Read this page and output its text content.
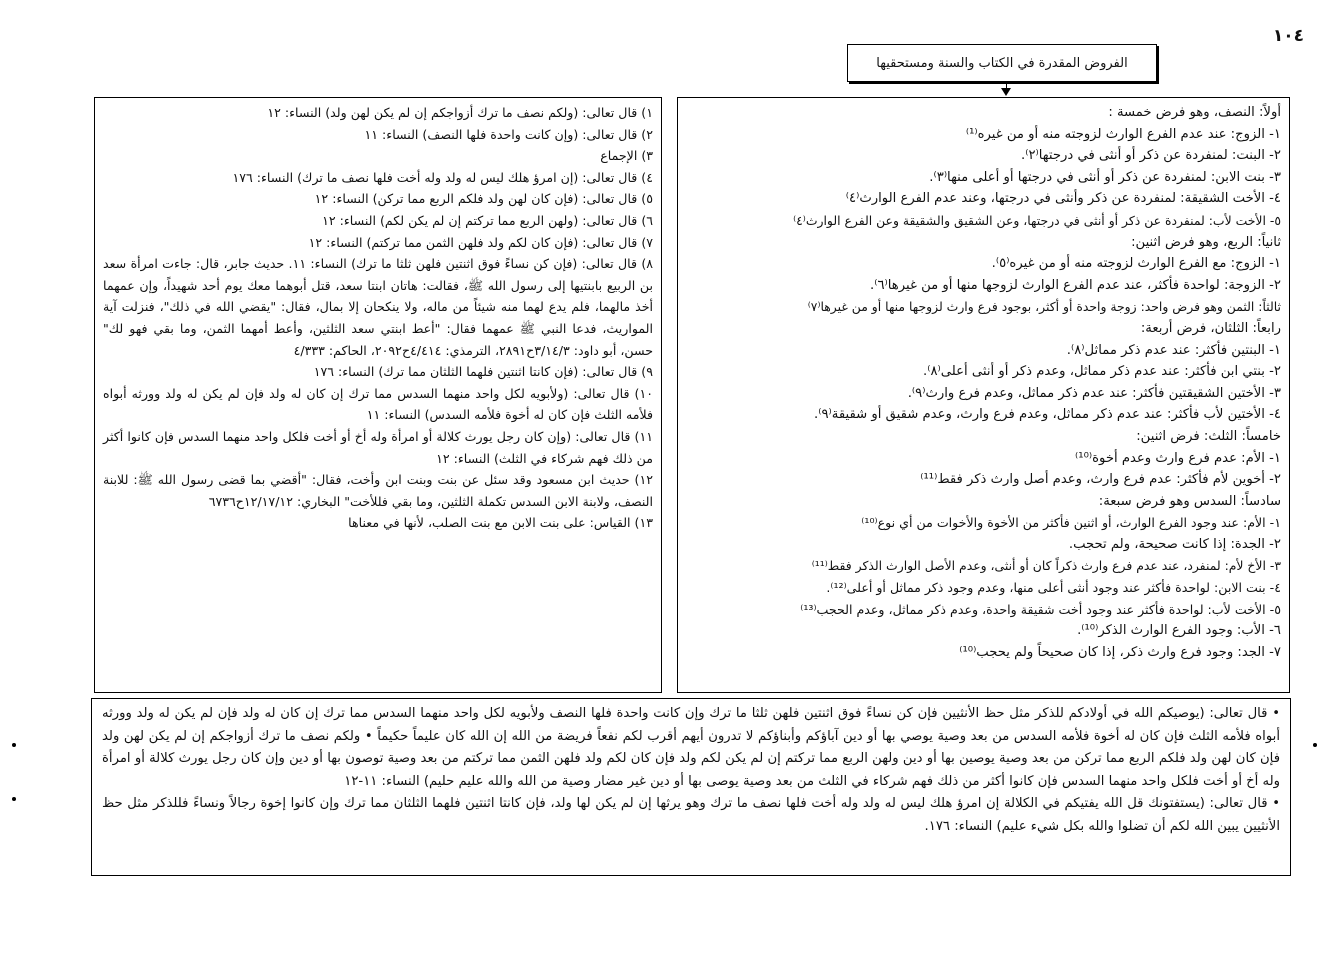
١٠٤
الفروض المقدرة في الكتاب والسنة ومستحقيها

أولاً: النصف، وهو فرض خمسة :

١- الزوج: عند عدم الفرع الوارث لزوجته منه أو من غيره⁽¹⁾

٢- البنت: لمنفردة عن ذكر أو أنثى في درجتها⁽٢⁾.

٣- بنت الابن: لمنفردة عن ذكر أو أنثى في درجتها أو أعلى منها⁽٣⁾.

٤- الأخت الشقيقة: لمنفردة عن ذكر وأنثى في درجتها، وعند عدم الفرع الوارث⁽٤⁾

٥- الأخت لأب: لمنفردة عن ذكر أو أنثى في درجتها، وعن الشقيق والشقيقة وعن الفرع الوارث⁽٤⁾

ثانياً: الربع، وهو فرض اثنين:

١- الزوج: مع الفرع الوارث لزوجته منه أو من غيره⁽٥⁾.

٢- الزوجة: لواحدة فأكثر، عند عدم الفرع الوارث لزوجها منها أو من غيرها⁽٦⁾.

ثالثاً: الثمن وهو فرض واحد: زوجة واحدة أو أكثر، بوجود فرع وارث لزوجها منها أو من غيرها⁽٧⁾

رابعاً: الثلثان، فرض أربعة:

١- البنتين فأكثر: عند عدم ذكر مماثل⁽٨⁾.

٢- بنتي ابن فأكثر: عند عدم ذكر مماثل، وعدم ذكر أو أنثى أعلى⁽٨⁾.

٣- الأختين الشقيقتين فأكثر: عند عدم ذكر مماثل، وعدم فرع وارث⁽٩⁾.

٤- الأختين لأب فأكثر: عند عدم ذكر مماثل، وعدم فرع وارث، وعدم شقيق أو شقيقة⁽٩⁾.

خامساً: الثلث: فرض اثنين:

١- الأم: عدم فرع وارث وعدم أخوة⁽¹⁰⁾

٢- أخوين لأم فأكثر: عدم فرع وارث، وعدم أصل وارث ذكر فقط⁽¹¹⁾

سادساً: السدس وهو فرض سبعة:

١- الأم: عند وجود الفرع الوارث، أو اثنين فأكثر من الأخوة والأخوات من أي نوع⁽¹⁰⁾

٢- الجدة: إذا كانت صحيحة، ولم تحجب.

٣- الأخ لأم: لمنفرد، عند عدم فرع وارث ذكراً كان أو أنثى، وعدم الأصل الوارث الذكر فقط⁽¹¹⁾

٤- بنت الابن: لواحدة فأكثر عند وجود أنثى أعلى منها، وعدم وجود ذكر مماثل أو أعلى⁽¹²⁾.

٥- الأخت لأب: لواحدة فأكثر عند وجود أخت شقيقة واحدة، وعدم ذكر مماثل، وعدم الحجب⁽¹³⁾

٦- الأب: وجود الفرع الوارث الذكر⁽¹⁰⁾.

٧- الجد: وجود فرع وارث ذكر، إذا كان صحيحاً ولم يحجب⁽¹⁰⁾

١) قال تعالى: (ولكم نصف ما ترك أزواجكم إن لم يكن لهن ولد) النساء: ١٢

٢) قال تعالى: (وإن كانت واحدة فلها النصف) النساء: ١١

٣) الإجماع

٤) قال تعالى: (إن امرؤ هلك ليس له ولد وله أخت فلها نصف ما ترك) النساء: ١٧٦

٥) قال تعالى: (فإن كان لهن ولد فلكم الربع مما تركن) النساء: ١٢

٦) قال تعالى: (ولهن الربع مما تركتم إن لم يكن لكم) النساء: ١٢

٧) قال تعالى: (فإن كان لكم ولد فلهن الثمن مما تركتم) النساء: ١٢

٨) قال تعالى: (فإن كن نساءً فوق اثنتين فلهن ثلثا ما ترك) النساء: ١١. حديث جابر، قال: جاءت امرأة سعد بن الربيع بابنتيها إلى رسول الله ﷺ، فقالت: هاتان ابنتا سعد، قتل أبوهما معك يوم أحد شهيداً، وإن عمهما أخذ مالهما، فلم يدع لهما منه شيئاً من ماله، ولا ينكحان إلا بمال، فقال: "يقضي الله في ذلك"، فنزلت آية المواريث، فدعا النبي ﷺ عمهما فقال: "أعط ابنتي سعد الثلثين، وأعط أمهما الثمن، وما بقي فهو لك" حسن، أبو داود: ٣/١٤/٣ح٢٨٩١، الترمذي: ٤/٤١٤ح٢٠٩٢، الحاكم: ٤/٣٣٣

٩) قال تعالى: (فإن كانتا اثنتين فلهما الثلثان مما ترك) النساء: ١٧٦

١٠) قال تعالى: (ولأبويه لكل واحد منهما السدس مما ترك إن كان له ولد فإن لم يكن له ولد وورثه أبواه فلأمه الثلث فإن كان له أخوة فلأمه السدس) النساء: ١١

١١) قال تعالى: (وإن كان رجل يورث كلالة أو امرأة وله أخ أو أخت فلكل واحد منهما السدس فإن كانوا أكثر من ذلك فهم شركاء في الثلث) النساء: ١٢

١٢) حديث ابن مسعود وقد سئل عن بنت وبنت ابن وأخت، فقال: "أقضي بما قضى رسول الله ﷺ: للابنة النصف، ولابنة الابن السدس تكملة الثلثين، وما بقي فللأخت" البخاري: ١٢/١٧/١٢ح٦٧٣٦

١٣) القياس: على بنت الابن مع بنت الصلب، لأنها في معناها

• قال تعالى: (يوصيكم الله في أولادكم للذكر مثل حظ الأنثيين فإن كن نساءً فوق اثنتين فلهن ثلثا ما ترك وإن كانت واحدة فلها النصف ولأبويه لكل واحد منهما السدس مما ترك إن كان له ولد فإن لم يكن له ولد وورثه أبواه فلأمه الثلث فإن كان له أخوة فلأمه السدس من بعد وصية يوصي بها أو دين آباؤكم وأبناؤكم لا تدرون أيهم أقرب لكم نفعاً فريضة من الله إن الله كان عليماً حكيماً • ولكم نصف ما ترك أزواجكم إن لم يكن لهن ولد فإن كان لهن ولد فلكم الربع مما تركن من بعد وصية يوصين بها أو دين ولهن الربع مما تركتم إن لم يكن لكم ولد فإن كان لكم ولد فلهن الثمن مما تركتم من بعد وصية توصون بها أو دين وإن كان رجل يورث كلالة أو امرأة وله أخ أو أخت فلكل واحد منهما السدس فإن كانوا أكثر من ذلك فهم شركاء في الثلث من بعد وصية يوصى بها أو دين غير مضار وصية من الله والله عليم حليم) النساء: ١١-١٢

• قال تعالى: (يستفتونك قل الله يفتيكم في الكلالة إن امرؤ هلك ليس له ولد وله أخت فلها نصف ما ترك وهو يرثها إن لم يكن لها ولد، فإن كانتا اثنتين فلهما الثلثان مما ترك وإن كانوا إخوة رجالاً ونساءً فللذكر مثل حظ الأنثيين يبين الله لكم أن تضلوا والله بكل شيء عليم) النساء: ١٧٦.
